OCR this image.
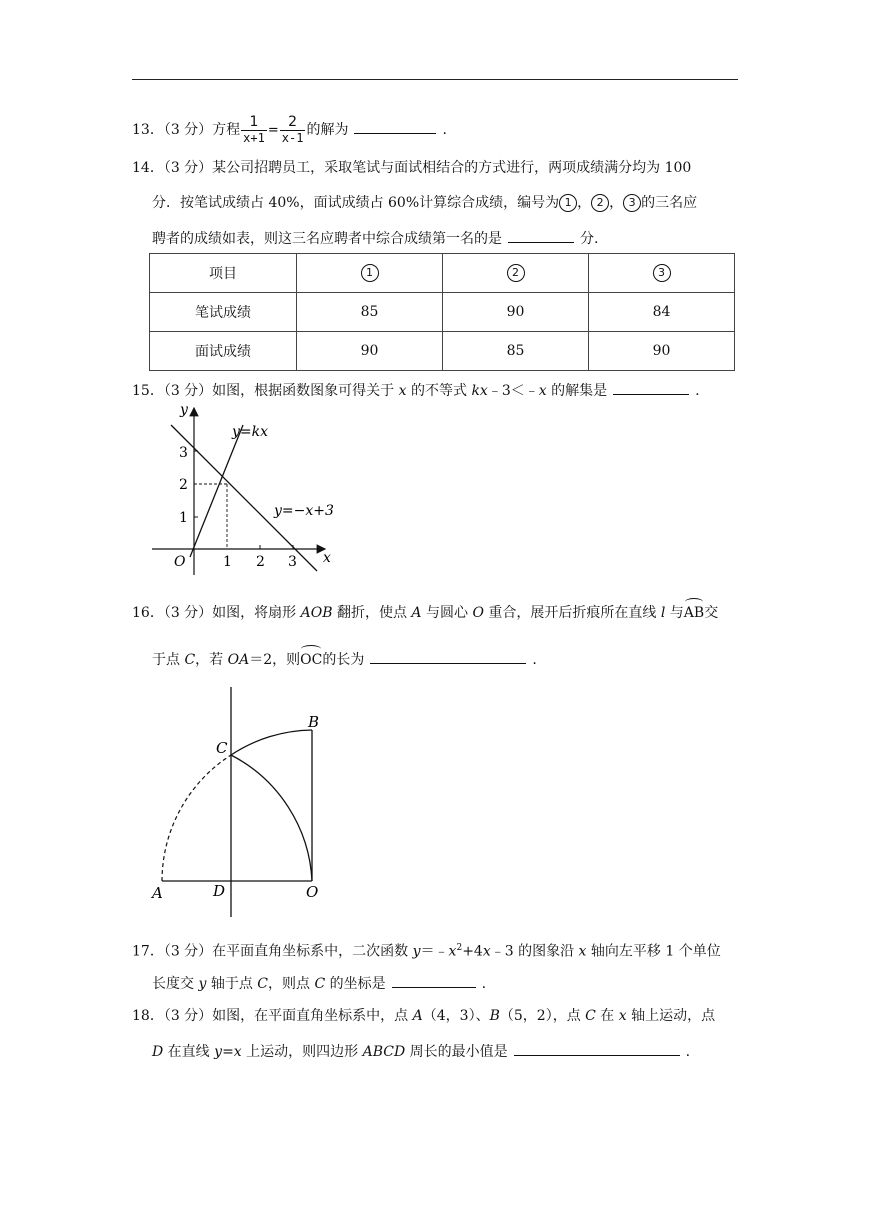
13．（3 分）方程 $\frac{1}{x+1} = \frac{2}{x-1}$ 的解为	.
14．（3 分）某公司招聘员工，采取笔试与面试相结合的方式进行，两项成绩满分均为 100
分．按笔试成绩占 40%，面试成绩占 60%计算综合成绩，编号为 1 ， 2 ， 3 的三名应
聘者的成绩如表，则这三名应聘者中综合成绩第一名的是	分.
项目	1	2	3
笔试成绩	85	90	84
面试成绩	90	85	90
15．（3 分）如图，根据函数图象可得关于 x 的不等式 kx﹣3＜﹣x 的解集是	.
y
x
O	1 2 3
1
2
3
y=kx
y=−x+3
16．（3 分）如图，将扇形 AOB 翻折，使点 A 与圆心 O 重合，展开后折痕所在直线 l 与AB交
于点 C，若 OA＝2，则OC的长为	.
A
B
C
D	O
17．（3 分）在平面直角坐标系中，二次函数 $y=﹣x^2+4x﹣3$ 的图象沿 x 轴向左平移 1 个单位
长度交 y 轴于点 C，则点 C 的坐标是	.
18．（3 分）如图，在平面直角坐标系中，点 A（4，3）、B（5，2），点 C 在 x 轴上运动，点
D 在直线 y=x 上运动，则四边形 ABCD 周长的最小值是	.
